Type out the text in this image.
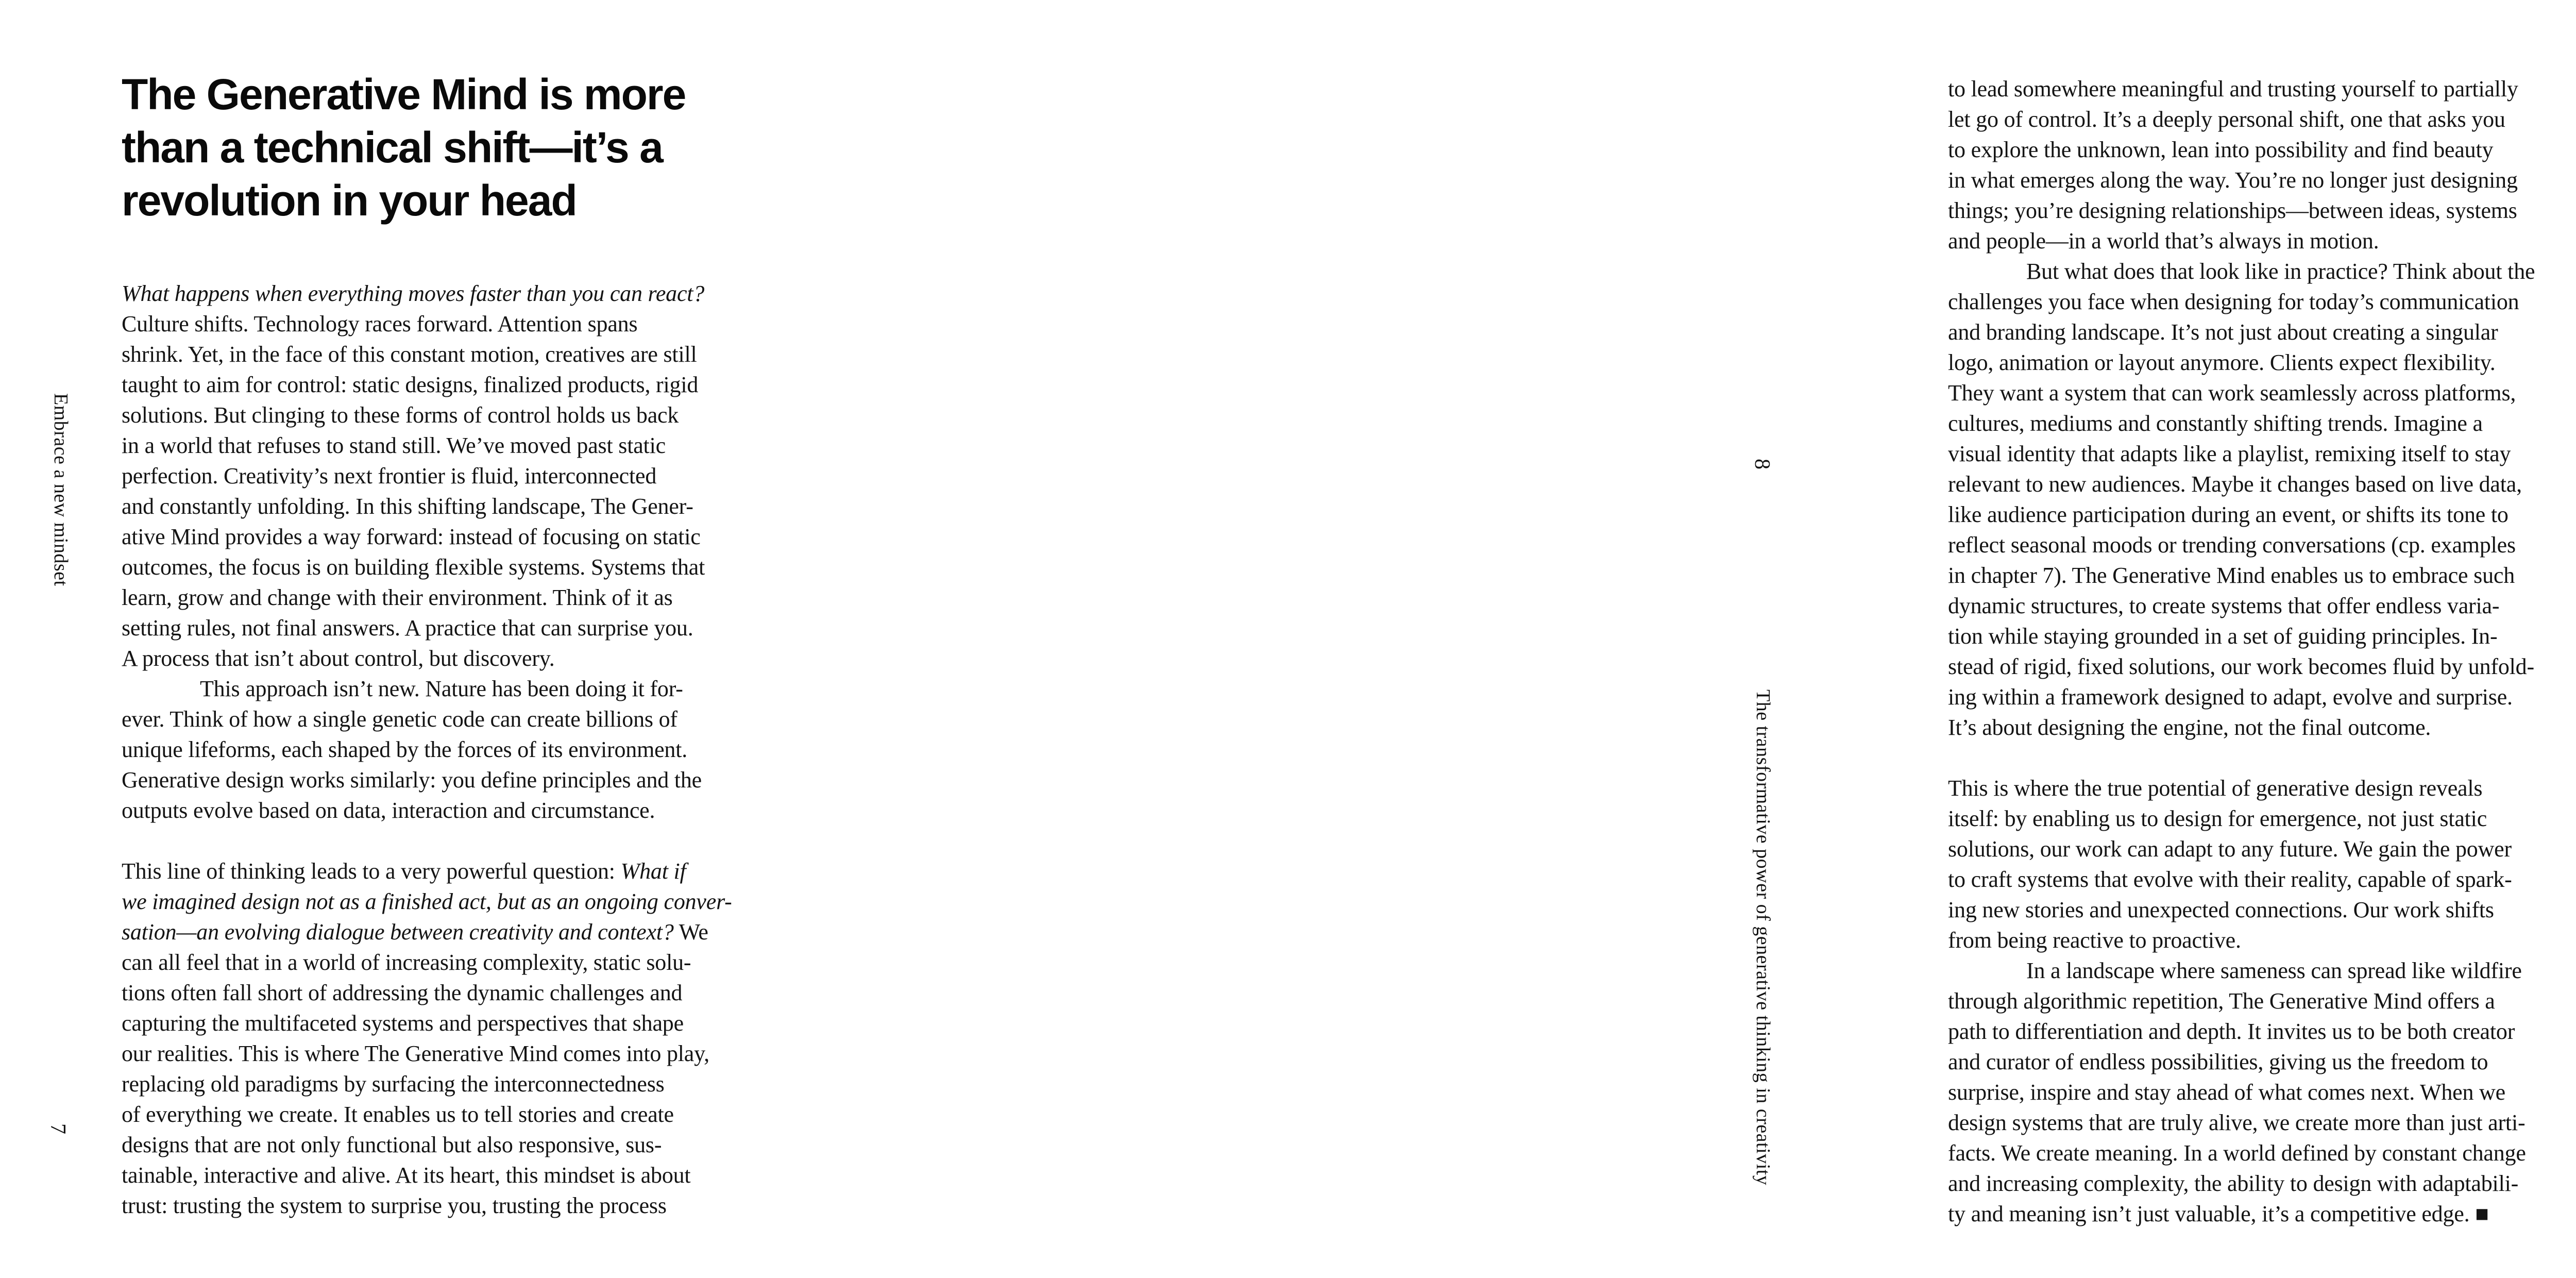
The Generative Mind is more
than a technical shift—it’s a
revolution in your head
What happens when everything moves faster than you can react?
Culture shifts. Technology races forward. Attention spans
shrink. Yet, in the face of this constant motion, creatives are still
taught to aim for control: static designs, finalized products, rigid
solutions. But clinging to these forms of control holds us back
in a world that refuses to stand still. We’ve moved past static
perfection. Creativity’s next frontier is fluid, interconnected
and constantly unfolding. In this shifting landscape, The Gener-
ative Mind provides a way forward: instead of focusing on static
outcomes, the focus is on building flexible systems. Systems that
learn, grow and change with their environment. Think of it as
setting rules, not final answers. A practice that can surprise you.
A process that isn’t about control, but discovery.
This approach isn’t new. Nature has been doing it for-
ever. Think of how a single genetic code can create billions of
unique lifeforms, each shaped by the forces of its environment.
Generative design works similarly: you define principles and the
outputs evolve based on data, interaction and circumstance.
This line of thinking leads to a very powerful question: What if
we imagined design not as a finished act, but as an ongoing conver-
sation—an evolving dialogue between creativity and context? We
can all feel that in a world of increasing complexity, static solu-
tions often fall short of addressing the dynamic challenges and
capturing the multifaceted systems and perspectives that shape
our realities. This is where The Generative Mind comes into play,
replacing old paradigms by surfacing the interconnectedness
of everything we create. It enables us to tell stories and create
designs that are not only functional but also responsive, sus-
tainable, interactive and alive. At its heart, this mindset is about
trust: trusting the system to surprise you, trusting the process
to lead somewhere meaningful and trusting yourself to partially
let go of control. It’s a deeply personal shift, one that asks you
to explore the unknown, lean into possibility and find beauty
in what emerges along the way. You’re no longer just designing
things; you’re designing relationships—between ideas, systems
and people—in a world that’s always in motion.
But what does that look like in practice? Think about the
challenges you face when designing for today’s communication
and branding landscape. It’s not just about creating a singular
logo, animation or layout anymore. Clients expect flexibility.
They want a system that can work seamlessly across platforms,
cultures, mediums and constantly shifting trends. Imagine a
visual identity that adapts like a playlist, remixing itself to stay
relevant to new audiences. Maybe it changes based on live data,
like audience participation during an event, or shifts its tone to
reflect seasonal moods or trending conversations (cp. examples
in chapter 7). The Generative Mind enables us to embrace such
dynamic structures, to create systems that offer endless varia-
tion while staying grounded in a set of guiding principles. In-
stead of rigid, fixed solutions, our work becomes fluid by unfold-
ing within a framework designed to adapt, evolve and surprise.
It’s about designing the engine, not the final outcome.
This is where the true potential of generative design reveals
itself: by enabling us to design for emergence, not just static
solutions, our work can adapt to any future. We gain the power
to craft systems that evolve with their reality, capable of spark-
ing new stories and unexpected connections. Our work shifts
from being reactive to proactive.
In a landscape where sameness can spread like wildfire
through algorithmic repetition, The Generative Mind offers a
path to differentiation and depth. It invites us to be both creator
and curator of endless possibilities, giving us the freedom to
surprise, inspire and stay ahead of what comes next. When we
design systems that are truly alive, we create more than just arti-
facts. We create meaning. In a world defined by constant change
and increasing complexity, the ability to design with adaptabili-
ty and meaning isn’t just valuable, it’s a competitive edge. ■
Embrace a new mindset
7
8
The transformative power of generative thinking in creativity
